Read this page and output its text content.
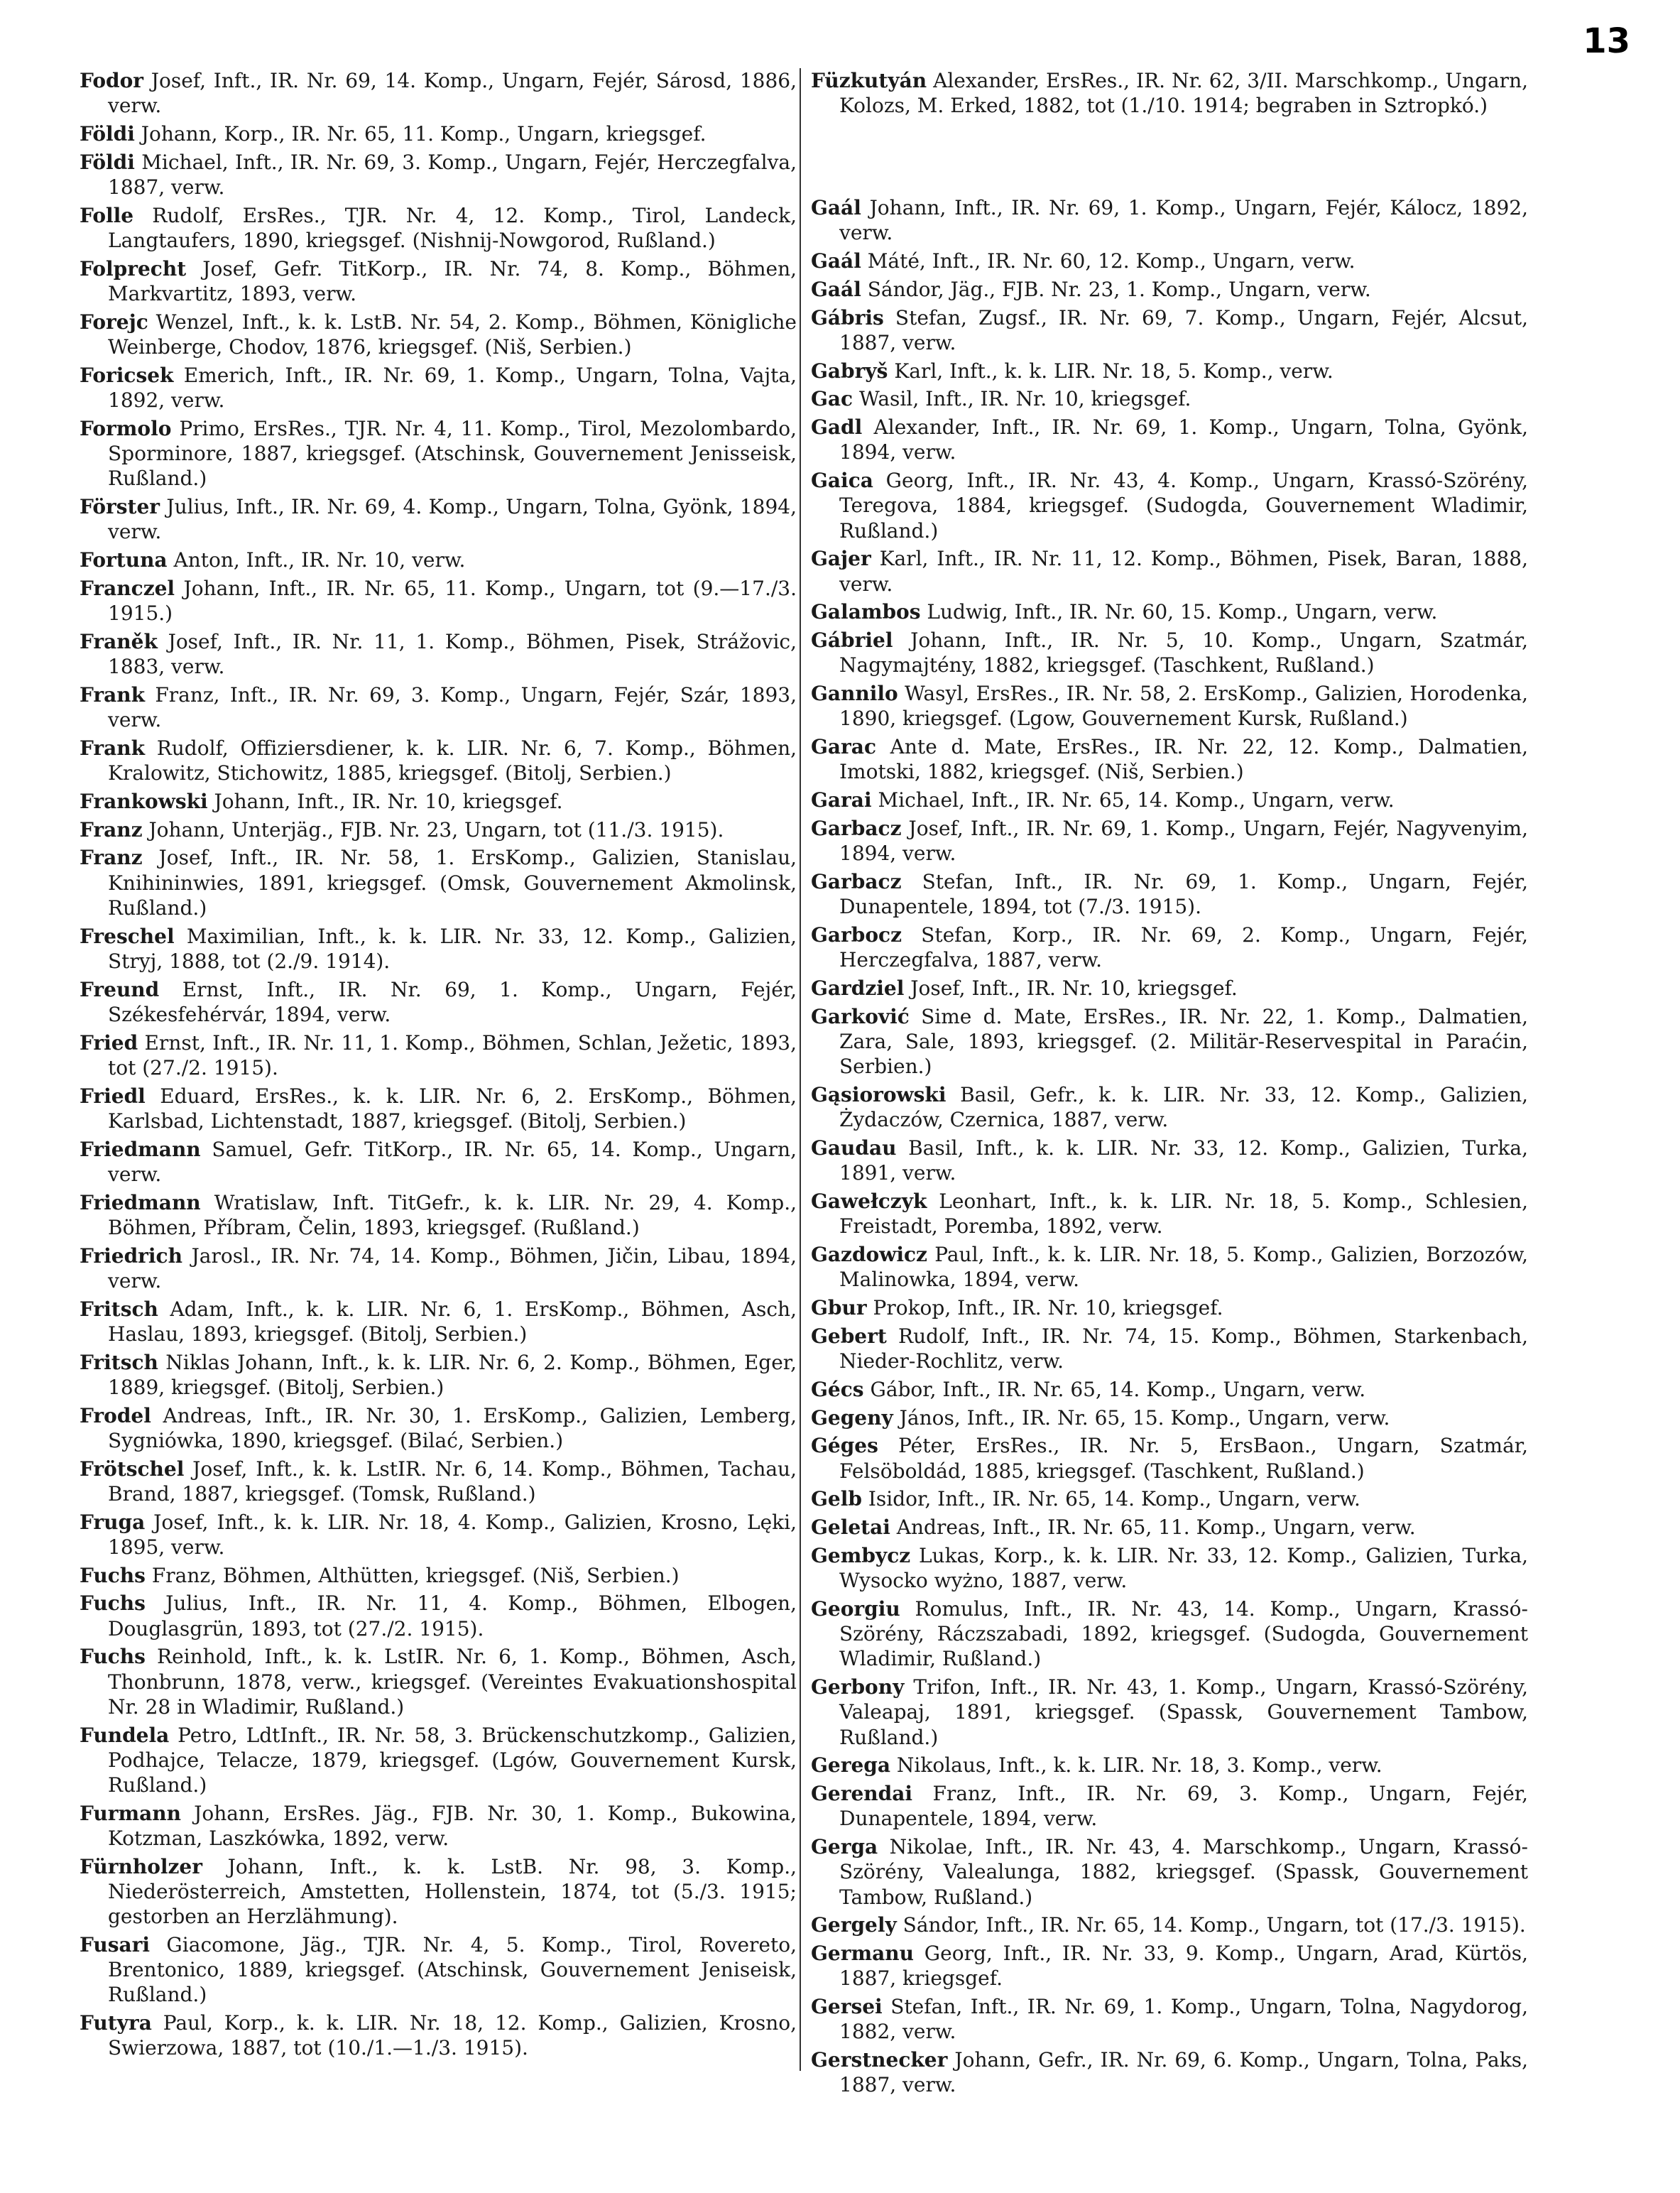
13

Fodor Josef, Inft., IR. Nr. 69, 14. Komp., Ungarn, Fejér, Sárosd, 1886, verw.

Földi Johann, Korp., IR. Nr. 65, 11. Komp., Ungarn, kriegsgef.

Földi Michael, Inft., IR. Nr. 69, 3. Komp., Ungarn, Fejér, Herczegfalva, 1887, verw.

Folle Rudolf, ErsRes., TJR. Nr. 4, 12. Komp., Tirol, Landeck, Langtaufers, 1890, kriegsgef. (Nishnij-Nowgorod, Rußland.)

Folprecht Josef, Gefr. TitKorp., IR. Nr. 74, 8. Komp., Böhmen, Markvartitz, 1893, verw.

Forejc Wenzel, Inft., k. k. LstB. Nr. 54, 2. Komp., Böhmen, Königliche Weinberge, Chodov, 1876, kriegsgef. (Niš, Serbien.)

Foricsek Emerich, Inft., IR. Nr. 69, 1. Komp., Ungarn, Tolna, Vajta, 1892, verw.

Formolo Primo, ErsRes., TJR. Nr. 4, 11. Komp., Tirol, Mezolombardo, Sporminore, 1887, kriegsgef. (Atschinsk, Gouvernement Jenisseisk, Rußland.)

Förster Julius, Inft., IR. Nr. 69, 4. Komp., Ungarn, Tolna, Gyönk, 1894, verw.

Fortuna Anton, Inft., IR. Nr. 10, verw.

Franczel Johann, Inft., IR. Nr. 65, 11. Komp., Ungarn, tot (9.—17./3. 1915.)

Franěk Josef, Inft., IR. Nr. 11, 1. Komp., Böhmen, Pisek, Strážovic, 1883, verw.

Frank Franz, Inft., IR. Nr. 69, 3. Komp., Ungarn, Fejér, Szár, 1893, verw.

Frank Rudolf, Offiziersdiener, k. k. LIR. Nr. 6, 7. Komp., Böhmen, Kralowitz, Stichowitz, 1885, kriegsgef. (Bitolj, Serbien.)

Frankowski Johann, Inft., IR. Nr. 10, kriegsgef.

Franz Johann, Unterjäg., FJB. Nr. 23, Ungarn, tot (11./3. 1915).

Franz Josef, Inft., IR. Nr. 58, 1. ErsKomp., Galizien, Stanislau, Knihininwies, 1891, kriegsgef. (Omsk, Gouvernement Akmolinsk, Rußland.)

Freschel Maximilian, Inft., k. k. LIR. Nr. 33, 12. Komp., Galizien, Stryj, 1888, tot (2./9. 1914).

Freund Ernst, Inft., IR. Nr. 69, 1. Komp., Ungarn, Fejér, Székesfehérvár, 1894, verw.

Fried Ernst, Inft., IR. Nr. 11, 1. Komp., Böhmen, Schlan, Ježetic, 1893, tot (27./2. 1915).

Friedl Eduard, ErsRes., k. k. LIR. Nr. 6, 2. ErsKomp., Böhmen, Karlsbad, Lichtenstadt, 1887, kriegsgef. (Bitolj, Serbien.)

Friedmann Samuel, Gefr. TitKorp., IR. Nr. 65, 14. Komp., Ungarn, verw.

Friedmann Wratislaw, Inft. TitGefr., k. k. LIR. Nr. 29, 4. Komp., Böhmen, Příbram, Čelin, 1893, kriegsgef. (Rußland.)

Friedrich Jarosl., IR. Nr. 74, 14. Komp., Böhmen, Jičin, Libau, 1894, verw.

Fritsch Adam, Inft., k. k. LIR. Nr. 6, 1. ErsKomp., Böhmen, Asch, Haslau, 1893, kriegsgef. (Bitolj, Serbien.)

Fritsch Niklas Johann, Inft., k. k. LIR. Nr. 6, 2. Komp., Böhmen, Eger, 1889, kriegsgef. (Bitolj, Serbien.)

Frodel Andreas, Inft., IR. Nr. 30, 1. ErsKomp., Galizien, Lemberg, Sygniówka, 1890, kriegsgef. (Bilać, Serbien.)

Frötschel Josef, Inft., k. k. LstIR. Nr. 6, 14. Komp., Böhmen, Tachau, Brand, 1887, kriegsgef. (Tomsk, Rußland.)

Fruga Josef, Inft., k. k. LIR. Nr. 18, 4. Komp., Galizien, Krosno, Lęki, 1895, verw.

Fuchs Franz, Böhmen, Althütten, kriegsgef. (Niš, Serbien.)

Fuchs Julius, Inft., IR. Nr. 11, 4. Komp., Böhmen, Elbogen, Douglasgrün, 1893, tot (27./2. 1915).

Fuchs Reinhold, Inft., k. k. LstIR. Nr. 6, 1. Komp., Böhmen, Asch, Thonbrunn, 1878, verw., kriegsgef. (Vereintes Evakuationshospital Nr. 28 in Wladimir, Rußland.)

Fundela Petro, LdtInft., IR. Nr. 58, 3. Brückenschutzkomp., Galizien, Podhajce, Telacze, 1879, kriegsgef. (Lgów, Gouvernement Kursk, Rußland.)

Furmann Johann, ErsRes. Jäg., FJB. Nr. 30, 1. Komp., Bukowina, Kotzman, Laszkówka, 1892, verw.

Fürnholzer Johann, Inft., k. k. LstB. Nr. 98, 3. Komp., Niederösterreich, Amstetten, Hollenstein, 1874, tot (5./3. 1915; gestorben an Herzlähmung).

Fusari Giacomone, Jäg., TJR. Nr. 4, 5. Komp., Tirol, Rovereto, Brentonico, 1889, kriegsgef. (Atschinsk, Gouvernement Jeniseisk, Rußland.)

Futyra Paul, Korp., k. k. LIR. Nr. 18, 12. Komp., Galizien, Krosno, Swierzowa, 1887, tot (10./1.—1./3. 1915).

Füzkutyán Alexander, ErsRes., IR. Nr. 62, 3/II. Marschkomp., Ungarn, Kolozs, M. Erked, 1882, tot (1./10. 1914; begraben in Sztropkó.)

Gaál Johann, Inft., IR. Nr. 69, 1. Komp., Ungarn, Fejér, Kálocz, 1892, verw.

Gaál Máté, Inft., IR. Nr. 60, 12. Komp., Ungarn, verw.

Gaál Sándor, Jäg., FJB. Nr. 23, 1. Komp., Ungarn, verw.

Gábris Stefan, Zugsf., IR. Nr. 69, 7. Komp., Ungarn, Fejér, Alcsut, 1887, verw.

Gabryš Karl, Inft., k. k. LIR. Nr. 18, 5. Komp., verw.

Gac Wasil, Inft., IR. Nr. 10, kriegsgef.

Gadl Alexander, Inft., IR. Nr. 69, 1. Komp., Ungarn, Tolna, Gyönk, 1894, verw.

Gaica Georg, Inft., IR. Nr. 43, 4. Komp., Ungarn, Krassó-Szörény, Teregova, 1884, kriegsgef. (Sudogda, Gouvernement Wladimir, Rußland.)

Gajer Karl, Inft., IR. Nr. 11, 12. Komp., Böhmen, Pisek, Baran, 1888, verw.

Galambos Ludwig, Inft., IR. Nr. 60, 15. Komp., Ungarn, verw.

Gábriel Johann, Inft., IR. Nr. 5, 10. Komp., Ungarn, Szatmár, Nagymajtény, 1882, kriegsgef. (Taschkent, Rußland.)

Gannilo Wasyl, ErsRes., IR. Nr. 58, 2. ErsKomp., Galizien, Horodenka, 1890, kriegsgef. (Lgow, Gouvernement Kursk, Rußland.)

Garac Ante d. Mate, ErsRes., IR. Nr. 22, 12. Komp., Dalmatien, Imotski, 1882, kriegsgef. (Niš, Serbien.)

Garai Michael, Inft., IR. Nr. 65, 14. Komp., Ungarn, verw.

Garbacz Josef, Inft., IR. Nr. 69, 1. Komp., Ungarn, Fejér, Nagyvenyim, 1894, verw.

Garbacz Stefan, Inft., IR. Nr. 69, 1. Komp., Ungarn, Fejér, Dunapentele, 1894, tot (7./3. 1915).

Garbocz Stefan, Korp., IR. Nr. 69, 2. Komp., Ungarn, Fejér, Herczegfalva, 1887, verw.

Gardziel Josef, Inft., IR. Nr. 10, kriegsgef.

Garković Sime d. Mate, ErsRes., IR. Nr. 22, 1. Komp., Dalmatien, Zara, Sale, 1893, kriegsgef. (2. Militär-Reservespital in Paraćin, Serbien.)

Gąsiorowski Basil, Gefr., k. k. LIR. Nr. 33, 12. Komp., Galizien, Żydaczów, Czernica, 1887, verw.

Gaudau Basil, Inft., k. k. LIR. Nr. 33, 12. Komp., Galizien, Turka, 1891, verw.

Gawełczyk Leonhart, Inft., k. k. LIR. Nr. 18, 5. Komp., Schlesien, Freistadt, Poremba, 1892, verw.

Gazdowicz Paul, Inft., k. k. LIR. Nr. 18, 5. Komp., Galizien, Borzozów, Malinowka, 1894, verw.

Gbur Prokop, Inft., IR. Nr. 10, kriegsgef.

Gebert Rudolf, Inft., IR. Nr. 74, 15. Komp., Böhmen, Starkenbach, Nieder-Rochlitz, verw.

Gécs Gábor, Inft., IR. Nr. 65, 14. Komp., Ungarn, verw.

Gegeny János, Inft., IR. Nr. 65, 15. Komp., Ungarn, verw.

Géges Péter, ErsRes., IR. Nr. 5, ErsBaon., Ungarn, Szatmár, Felsöboldád, 1885, kriegsgef. (Taschkent, Rußland.)

Gelb Isidor, Inft., IR. Nr. 65, 14. Komp., Ungarn, verw.

Geletai Andreas, Inft., IR. Nr. 65, 11. Komp., Ungarn, verw.

Gembycz Lukas, Korp., k. k. LIR. Nr. 33, 12. Komp., Galizien, Turka, Wysocko wyżno, 1887, verw.

Georgiu Romulus, Inft., IR. Nr. 43, 14. Komp., Ungarn, Krassó-Szörény, Ráczszabadi, 1892, kriegsgef. (Sudogda, Gouvernement Wladimir, Rußland.)

Gerbony Trifon, Inft., IR. Nr. 43, 1. Komp., Ungarn, Krassó-Szörény, Valeapaj, 1891, kriegsgef. (Spassk, Gouvernement Tambow, Rußland.)

Gerega Nikolaus, Inft., k. k. LIR. Nr. 18, 3. Komp., verw.

Gerendai Franz, Inft., IR. Nr. 69, 3. Komp., Ungarn, Fejér, Dunapentele, 1894, verw.

Gerga Nikolae, Inft., IR. Nr. 43, 4. Marschkomp., Ungarn, Krassó-Szörény, Valealunga, 1882, kriegsgef. (Spassk, Gouvernement Tambow, Rußland.)

Gergely Sándor, Inft., IR. Nr. 65, 14. Komp., Ungarn, tot (17./3. 1915).

Germanu Georg, Inft., IR. Nr. 33, 9. Komp., Ungarn, Arad, Kürtös, 1887, kriegsgef.

Gersei Stefan, Inft., IR. Nr. 69, 1. Komp., Ungarn, Tolna, Nagydorog, 1882, verw.

Gerstnecker Johann, Gefr., IR. Nr. 69, 6. Komp., Ungarn, Tolna, Paks, 1887, verw.
